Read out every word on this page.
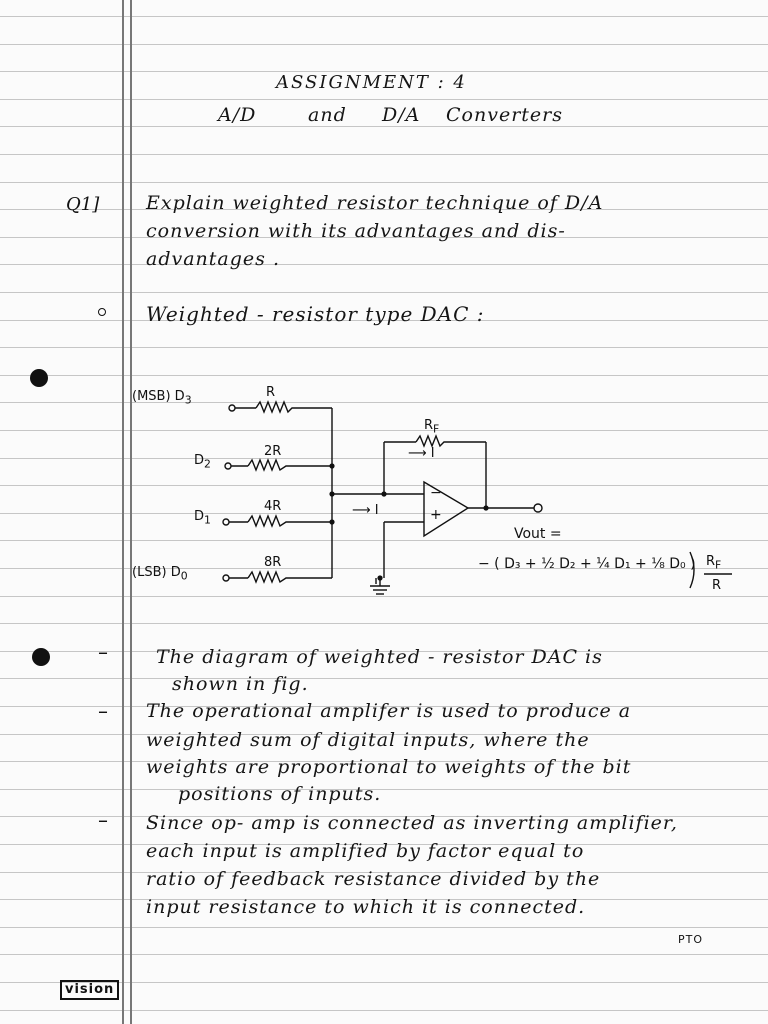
ASSIGNMENT : 4
A/D	and D/A Converters
Q1] Explain weighted resistor technique of D/A
conversion with its advantages and dis-
advantages .
Weighted - resistor type DAC :
(MSB) $D_3$
R
$D_2$
2R
$D_1$
4R
(LSB) $D_0$
8R
$R_F$
⟶ I
⟶ I
−
+
Vout =
− ( D₃ + ½ D₂ + ¼ D₁ + ⅛ D₀ ) $R_F$
R
–	The diagram of weighted - resistor DAC is
shown in fig.
– The operational amplifer is used to produce a
weighted sum of digital inputs, where the
weights are proportional to weights of the bit
positions of inputs.
– Since op- amp is connected as inverting amplifier,
each input is amplified by factor equal to
ratio of feedback resistance divided by the
input resistance to which it is connected.
PTO
vision
